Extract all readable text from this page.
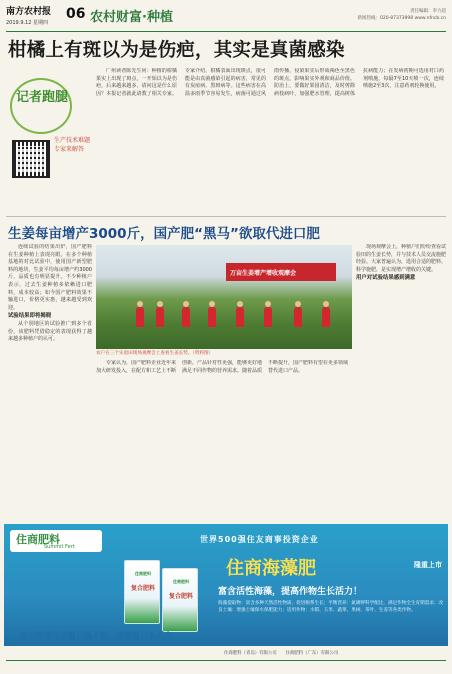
南方农村报
2019.9.12 星期四
06 农村财富·种植	责任编辑：李力超
新闻热线：020-87373998 www.nfncb.cn
柑橘上有斑以为是伤疤，其实是真菌感染
记者跑腿
生产技术难题专家来解答

广州读者陈先生问：种植的柑橘果实上出现了斑点，一开始以为是伤疤，后来越来越多，请问这是什么原因？本报记者就此请教了相关专家。专家介绍，柑橘表面出现斑点，很可能是由真菌感染引起的病害，常见的有炭疽病、黑斑病等。这些病害在高温多雨季节容易发生，病菌可通过风雨传播，侵染果实后形成褐色至黑色的斑点，影响果实外观和商品价值。防治上，要做好果园清洁，及时剪除病枝病叶，加强肥水管理，提高树体抗病能力；在发病初期可选用对口药剂喷施，每隔7至10天喷一次，连续喷施2至3次，注意药剂轮换使用。

生姜每亩增产3000斤，国产肥“黑马”欲取代进口肥

连续试验的结果出炉，国产肥料在生姜种植上表现亮眼。在多个种植基地的对比试验中，使用国产新型肥料的地块，生姜平均每亩增产约3000斤，品质也有明显提升。不少种植户表示，过去生姜种植多依赖进口肥料，成本较高；如今国产肥料效果不输进口，价格更实惠，越来越受到欢迎。

试验结果即将揭晓

从个别地区的试验推广到多个省份，该肥料凭借稳定的表现获得了越来越多种植户的认可。

万亩生姜增产增收观摩会
农户在三个实验田现场观摩会上查看生姜长势。（资料图）

专家认为，国产肥料企业近年来加大研发投入，在配方和工艺上不断创新，产品针对性更强，能够更好地满足不同作物的营养需求。随着品质不断提升，国产肥料有望在更多领域替代进口产品。

现场观摩会上，种植户们纷纷查看试验田的生姜长势，并与技术人员交流施肥经验。大家普遍认为，选用合适的肥料、科学施肥，是实现增产增收的关键。

用户对试验结果感到满意
住商肥料
Summit Fert
住商肥料
复合肥料
住商肥料
复合肥料
世界500强住友商事投资企业
住商海藻肥	隆重上市
富含活性海藻，提高作物生长活力！
海藻提取物：富含多种天然活性物质，促进根系生长；平衡营养：氮磷钾科学配比，满足作物全生育期需求；改良土壤：增强土壤保水保肥能力；适用作物：水稻、玉米、蔬菜、果树、茶叶、生姜等各类作物。
每一种养分含量只高不低，净重量只多不少
住商肥料（青岛）有限公司　　住商肥料（广东）有限公司
